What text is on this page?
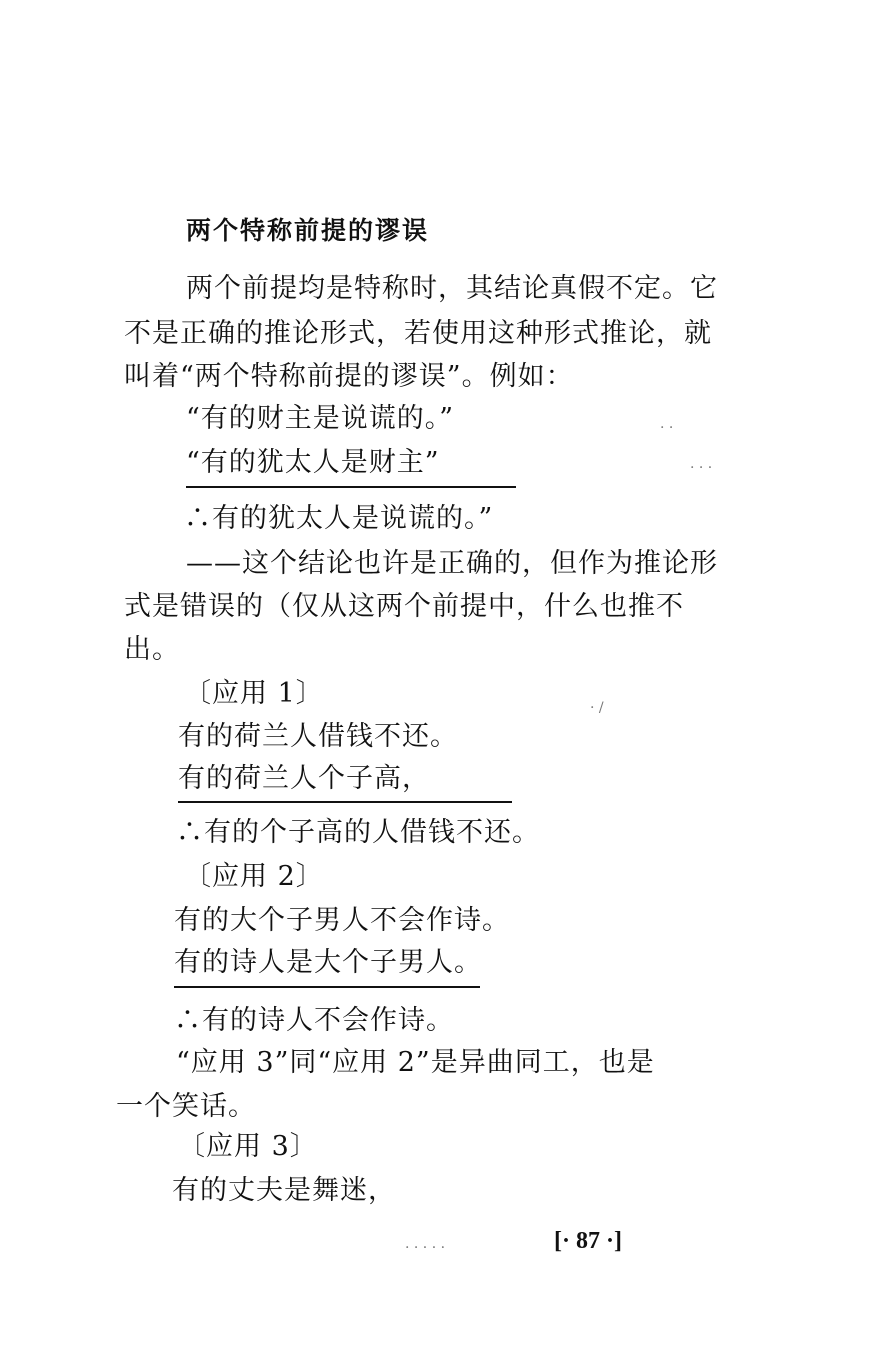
两个特称前提的谬误
两个前提均是特称时，其结论真假不定。它
不是正确的推论形式，若使用这种形式推论，就
叫着“两个特称前提的谬误”。例如：
“有的财主是说谎的。”
“有的犹太人是财主”
∴有的犹太人是说谎的。”
——这个结论也许是正确的，但作为推论形
式是错误的（仅从这两个前提中，什么也推不
出。
〔应用 1〕
有的荷兰人借钱不还。
有的荷兰人个子高，
∴有的个子高的人借钱不还。
〔应用 2〕
有的大个子男人不会作诗。
有的诗人是大个子男人。
∴有的诗人不会作诗。
“应用 3”同“应用 2”是异曲同工，也是
一个笑话。
〔应用 3〕
有的丈夫是舞迷，
[· 87 ·]
· · · · ·
· ·
· · ·
· /
